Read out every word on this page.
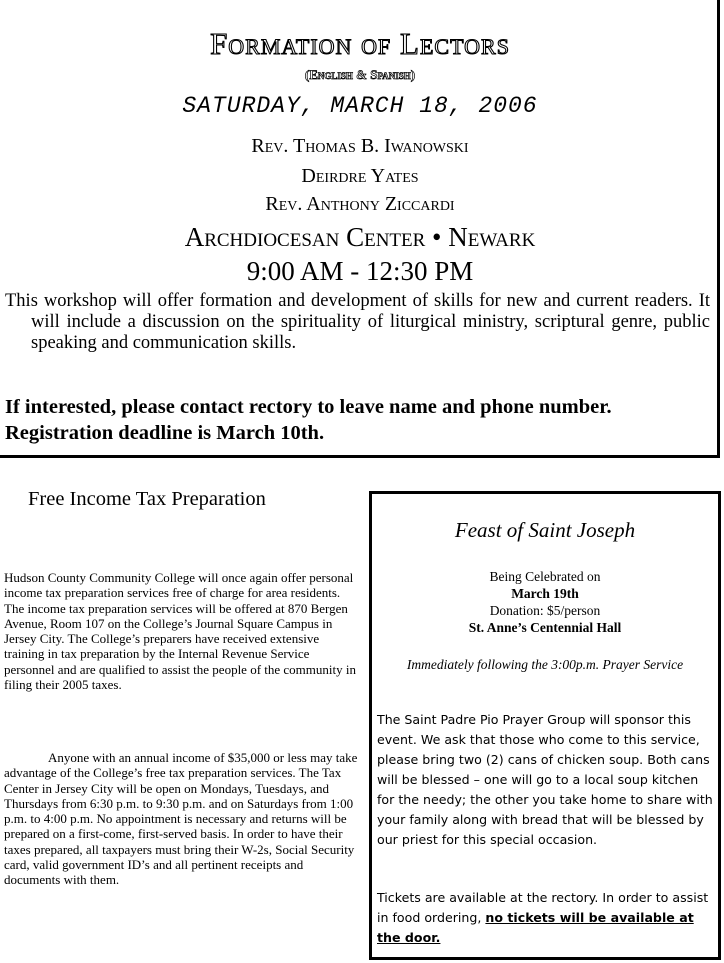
Formation of Lectors
(English & Spanish)
SATURDAY, MARCH 18, 2006
Rev. Thomas B. Iwanowski
Deirdre Yates
Rev. Anthony Ziccardi
Archdiocesan Center • Newark
9:00 AM - 12:30 PM
This workshop will offer formation and development of skills for new and current readers. It will include a discussion on the spirituality of liturgical ministry, scriptural genre, public speaking and communication skills.
If interested, please contact rectory to leave name and phone number. Registration deadline is March 10th.
Free Income Tax Preparation
Hudson County Community College will once again offer personal income tax preparation services free of charge for area residents. The income tax preparation services will be offered at 870 Bergen Avenue, Room 107 on the College’s Journal Square Campus in Jersey City. The College’s preparers have received extensive training in tax preparation by the Internal Revenue Service personnel and are qualified to assist the people of the community in filing their 2005 taxes.
Anyone with an annual income of $35,000 or less may take advantage of the College’s free tax preparation services. The Tax Center in Jersey City will be open on Mondays, Tuesdays, and Thursdays from 6:30 p.m. to 9:30 p.m. and on Saturdays from 1:00 p.m. to 4:00 p.m. No appointment is necessary and returns will be prepared on a first-come, first-served basis. In order to have their taxes prepared, all taxpayers must bring their W-2s, Social Security card, valid government ID’s and all pertinent receipts and documents with them.
Feast of Saint Joseph
Being Celebrated on
March 19th
Donation: $5/person
St. Anne’s Centennial Hall
Immediately following the 3:00p.m. Prayer Service
The Saint Padre Pio Prayer Group will sponsor this event. We ask that those who come to this service, please bring two (2) cans of chicken soup. Both cans will be blessed – one will go to a local soup kitchen for the needy; the other you take home to share with your family along with bread that will be blessed by our priest for this special occasion.
Tickets are available at the rectory. In order to assist in food ordering, no tickets will be available at the door.
